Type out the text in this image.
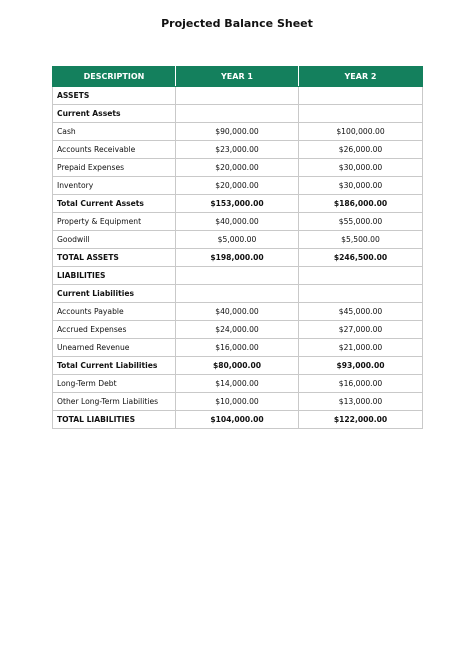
Projected Balance Sheet
DESCRIPTION	YEAR 1	YEAR 2
ASSETS		
Current Assets		
Cash	$90,000.00	$100,000.00
Accounts Receivable	$23,000.00	$26,000.00
Prepaid Expenses	$20,000.00	$30,000.00
Inventory	$20,000.00	$30,000.00
Total Current Assets	$153,000.00	$186,000.00
Property & Equipment	$40,000.00	$55,000.00
Goodwill	$5,000.00	$5,500.00
TOTAL ASSETS	$198,000.00	$246,500.00
LIABILITIES		
Current Liabilities		
Accounts Payable	$40,000.00	$45,000.00
Accrued Expenses	$24,000.00	$27,000.00
Unearned Revenue	$16,000.00	$21,000.00
Total Current Liabilities	$80,000.00	$93,000.00
Long-Term Debt	$14,000.00	$16,000.00
Other Long-Term Liabilities	$10,000.00	$13,000.00
TOTAL LIABILITIES	$104,000.00	$122,000.00
